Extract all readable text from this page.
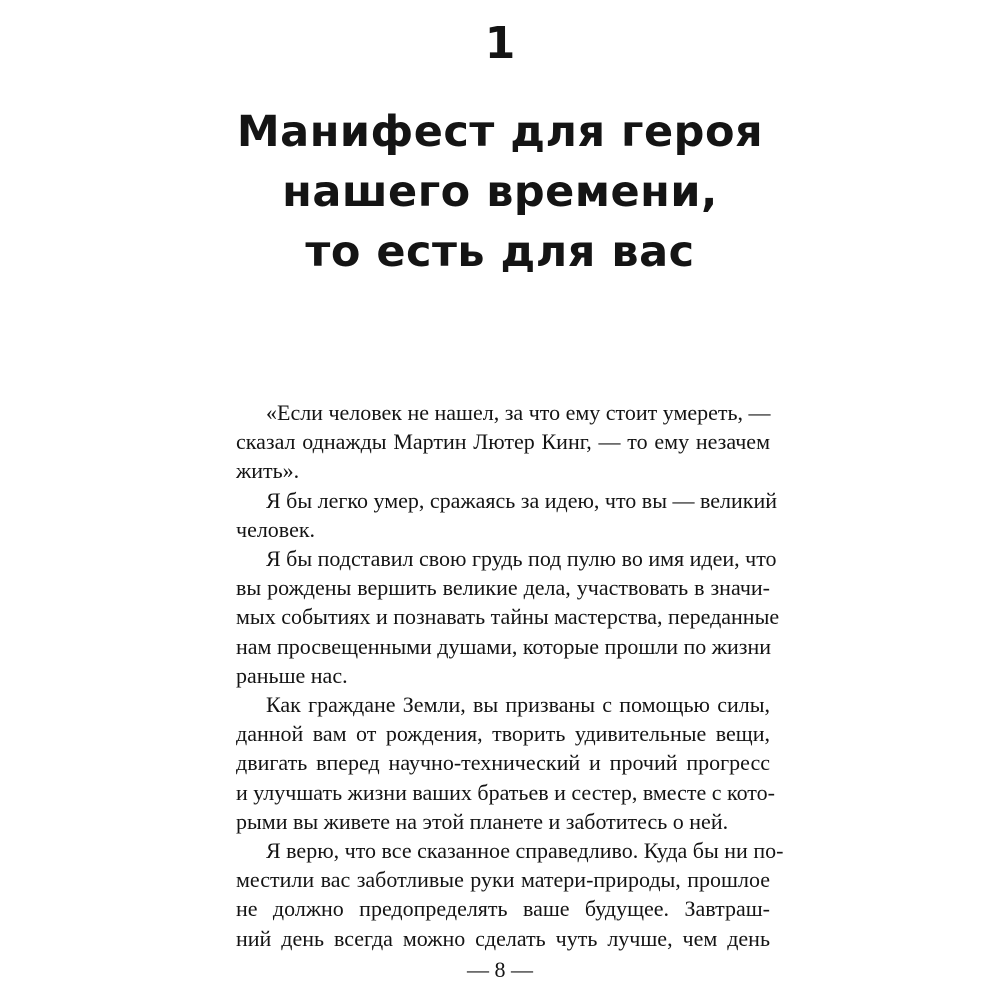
1
Манифест для героя
нашего времени,
то есть для вас
«Если человек не нашел, за что ему стоит умереть, —
сказал однажды Мартин Лютер Кинг, — то ему незачем
жить».
Я бы легко умер, сражаясь за идею, что вы — великий
человек.
Я бы подставил свою грудь под пулю во имя идеи, что
вы рождены вершить великие дела, участвовать в значи-
мых событиях и познавать тайны мастерства, переданные
нам просвещенными душами, которые прошли по жизни
раньше нас.
Как граждане Земли, вы призваны с помощью силы,
данной вам от рождения, творить удивительные вещи,
двигать вперед научно-технический и прочий прогресс
и улучшать жизни ваших братьев и сестер, вместе с кото-
рыми вы живете на этой планете и заботитесь о ней.
Я верю, что все сказанное справедливо. Куда бы ни по-
местили вас заботливые руки матери-природы, прошлое
не должно предопределять ваше будущее. Завтраш-
ний день всегда можно сделать чуть лучше, чем день
— 8 —
